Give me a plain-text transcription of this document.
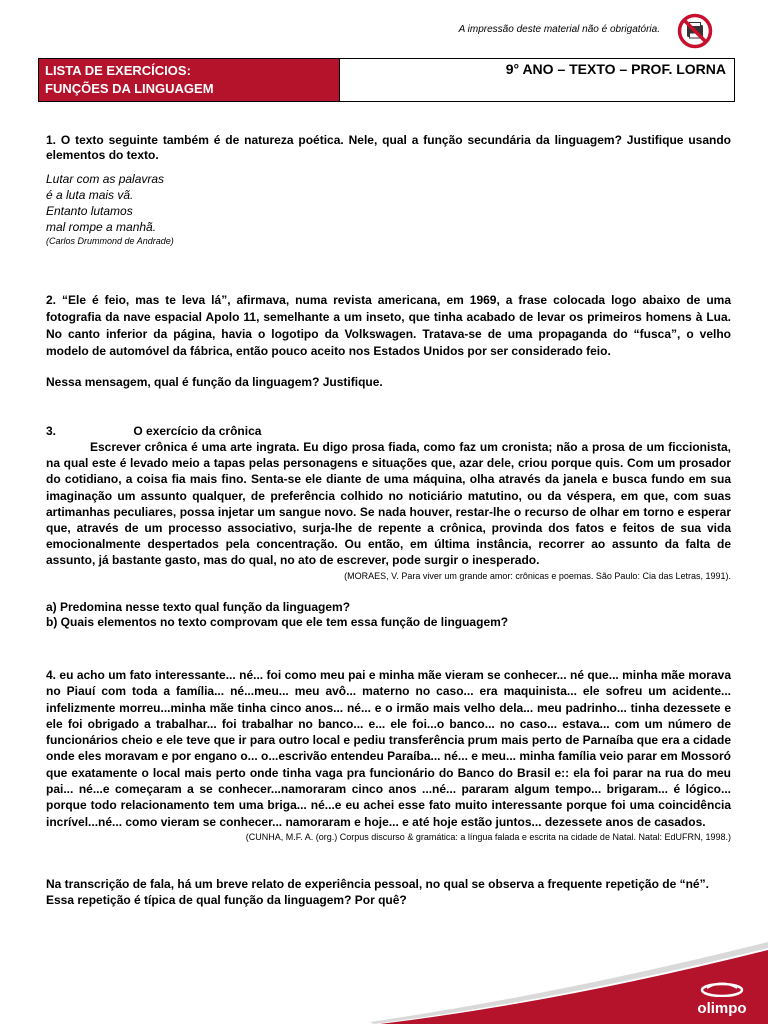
A impressão deste material não é obrigatória.
LISTA DE EXERCÍCIOS:
FUNÇÕES DA LINGUAGEM
9° ANO – TEXTO – PROF. LORNA

1. O texto seguinte também é de natureza poética. Nele, qual a função secundária da linguagem? Justifique usando elementos do texto.

Lutar com as palavras
é a luta mais vã.
Entanto lutamos
mal rompe a manhã.
(Carlos Drummond de Andrade)

2. “Ele é feio, mas te leva lá”, afirmava, numa revista americana, em 1969, a frase colocada logo abaixo de uma fotografia da nave espacial Apolo 11, semelhante a um inseto, que tinha acabado de levar os primeiros homens à Lua. No canto inferior da página, havia o logotipo da Volkswagen. Tratava-se de uma propaganda do “fusca”, o velho modelo de automóvel da fábrica, então pouco aceito nos Estados Unidos por ser considerado feio.

Nessa mensagem, qual é função da linguagem? Justifique.

3.	O exercício da crônica

Escrever crônica é uma arte ingrata. Eu digo prosa fiada, como faz um cronista; não a prosa de um ficcionista, na qual este é levado meio a tapas pelas personagens e situações que, azar dele, criou porque quis. Com um prosador do cotidiano, a coisa fia mais fino. Senta-se ele diante de uma máquina, olha através da janela e busca fundo em sua imaginação um assunto qualquer, de preferência colhido no noticiário matutino, ou da véspera, em que, com suas artimanhas peculiares, possa injetar um sangue novo. Se nada houver, restar-lhe o recurso de olhar em torno e esperar que, através de um processo associativo, surja-lhe de repente a crônica, provinda dos fatos e feitos de sua vida emocionalmente despertados pela concentração. Ou então, em última instância, recorrer ao assunto da falta de assunto, já bastante gasto, mas do qual, no ato de escrever, pode surgir o inesperado.

(MORAES, V. Para viver um grande amor: crônicas e poemas. São Paulo: Cia das Letras, 1991).
a) Predomina nesse texto qual função da linguagem?
b) Quais elementos no texto comprovam que ele tem essa função de linguagem?

4. eu acho um fato interessante... né... foi como meu pai e minha mãe vieram se conhecer... né que... minha mãe morava no Piauí com toda a família... né...meu... meu avô... materno no caso... era maquinista... ele sofreu um acidente... infelizmente morreu...minha mãe tinha cinco anos... né... e o irmão mais velho dela... meu padrinho... tinha dezessete e ele foi obrigado a trabalhar... foi trabalhar no banco... e... ele foi...o banco... no caso... estava... com um número de funcionários cheio e ele teve que ir para outro local e pediu transferência prum mais perto de Parnaíba que era a cidade onde eles moravam e por engano o... o...escrivão entendeu Paraíba... né... e meu... minha família veio parar em Mossoró que exatamente o local mais perto onde tinha vaga pra funcionário do Banco do Brasil e:: ela foi parar na rua do meu pai... né...e começaram a se conhecer...namoraram cinco anos ...né... pararam algum tempo... brigaram... é lógico... porque todo relacionamento tem uma briga... né...e eu achei esse fato muito interessante porque foi uma coincidência incrível...né... como vieram se conhecer... namoraram e hoje... e até hoje estão juntos... dezessete anos de casados.

(CUNHA, M.F. A. (org.) Corpus discurso & gramática: a língua falada e escrita na cidade de Natal. Natal: EdUFRN, 1998.)

Na transcrição de fala, há um breve relato de experiência pessoal, no qual se observa a frequente repetição de “né”. Essa repetição é típica de qual função da linguagem? Por quê?

olimpo
